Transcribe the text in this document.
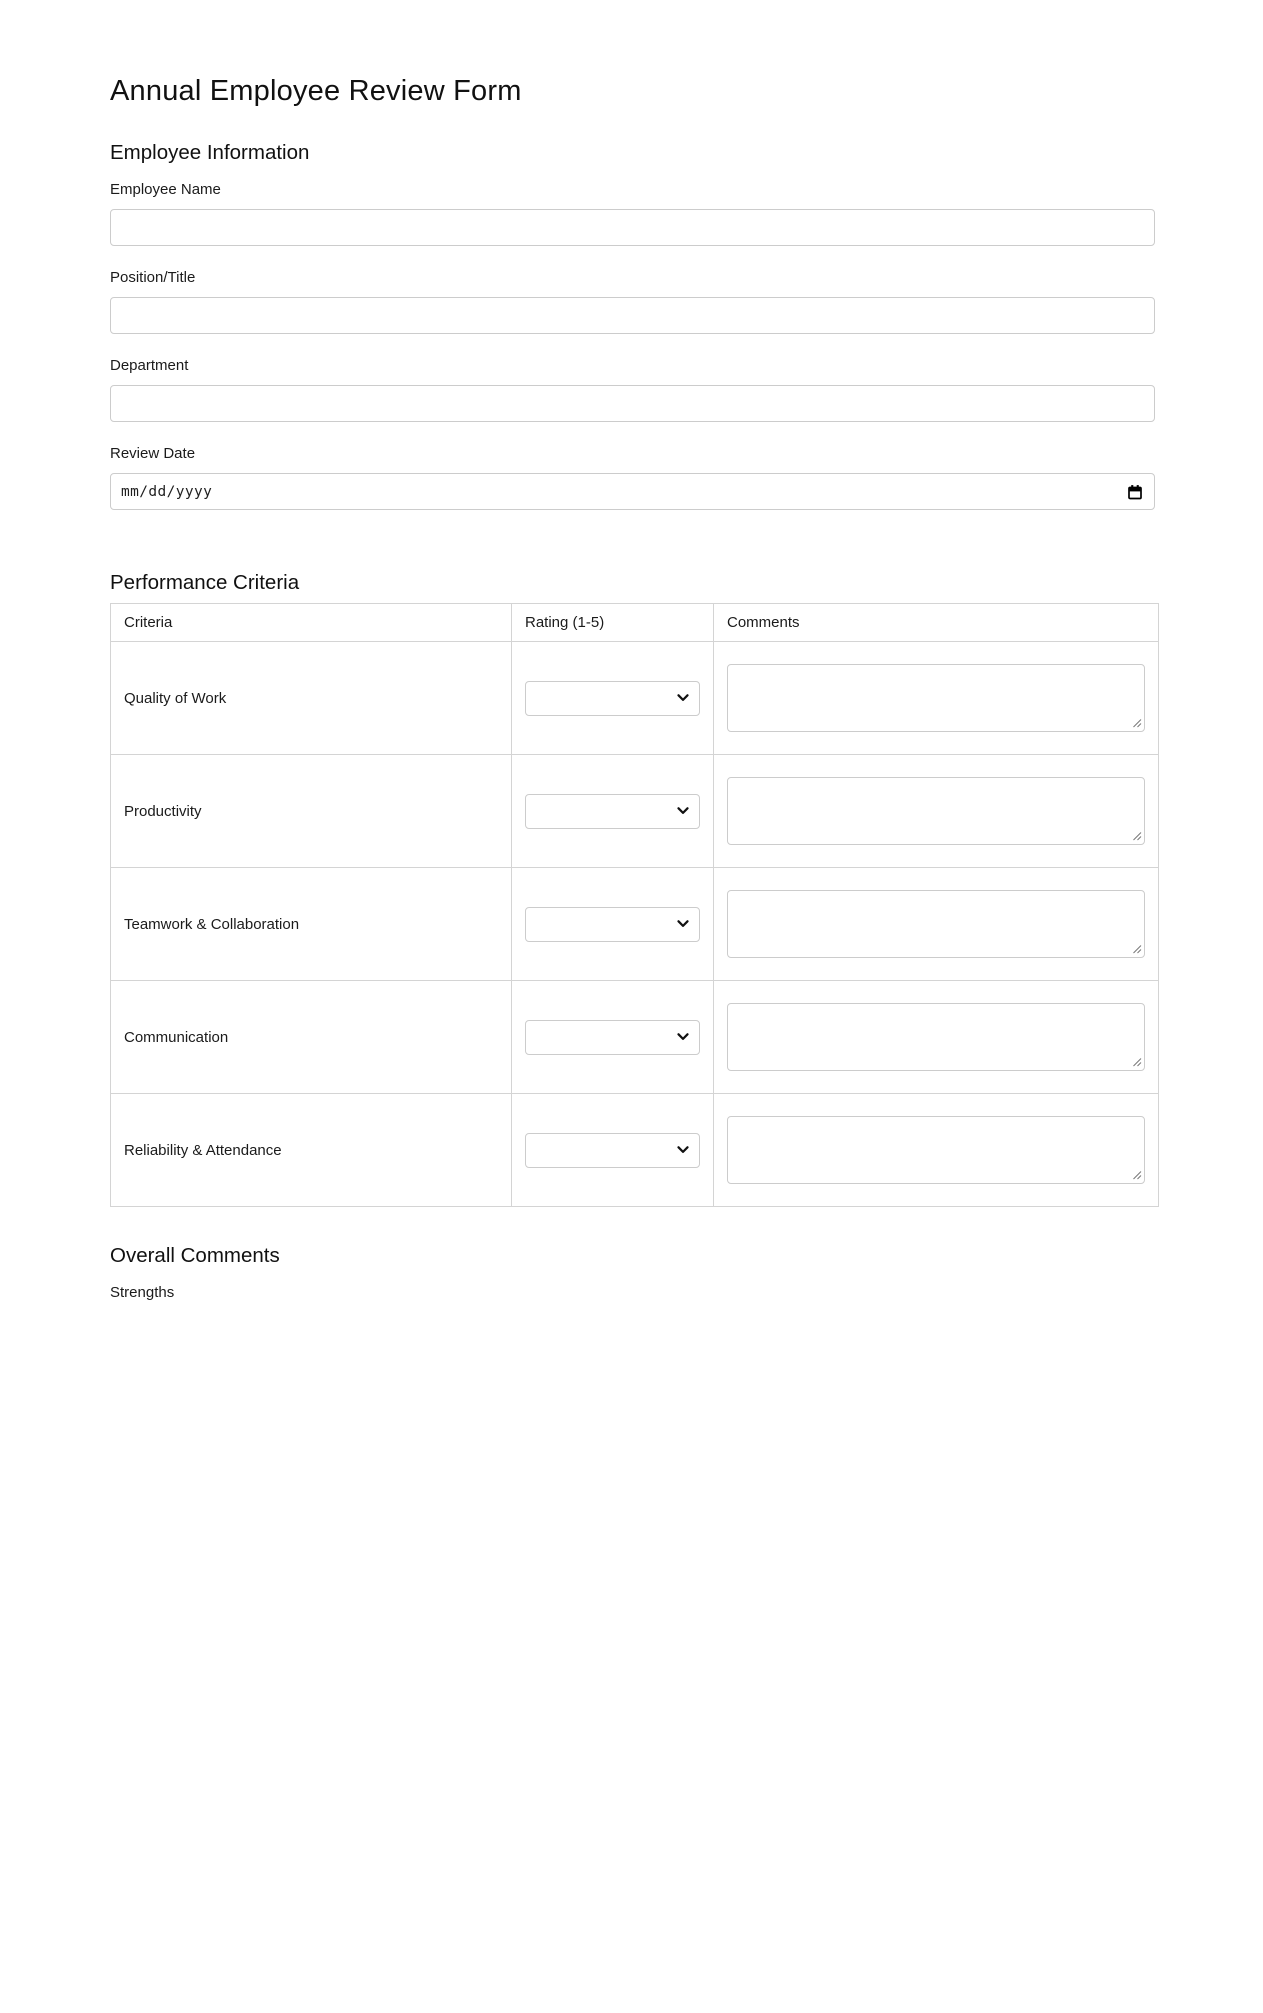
Annual Employee Review Form
Employee Information
Employee Name
Position/Title
Department
Review Date
mm/dd/yyyy
Performance Criteria
Criteria	Rating (1-5)	Comments
Quality of Work	

Productivity	

Teamwork & Collaboration	

Communication	

Reliability & Attendance	

Overall Comments
Strengths
